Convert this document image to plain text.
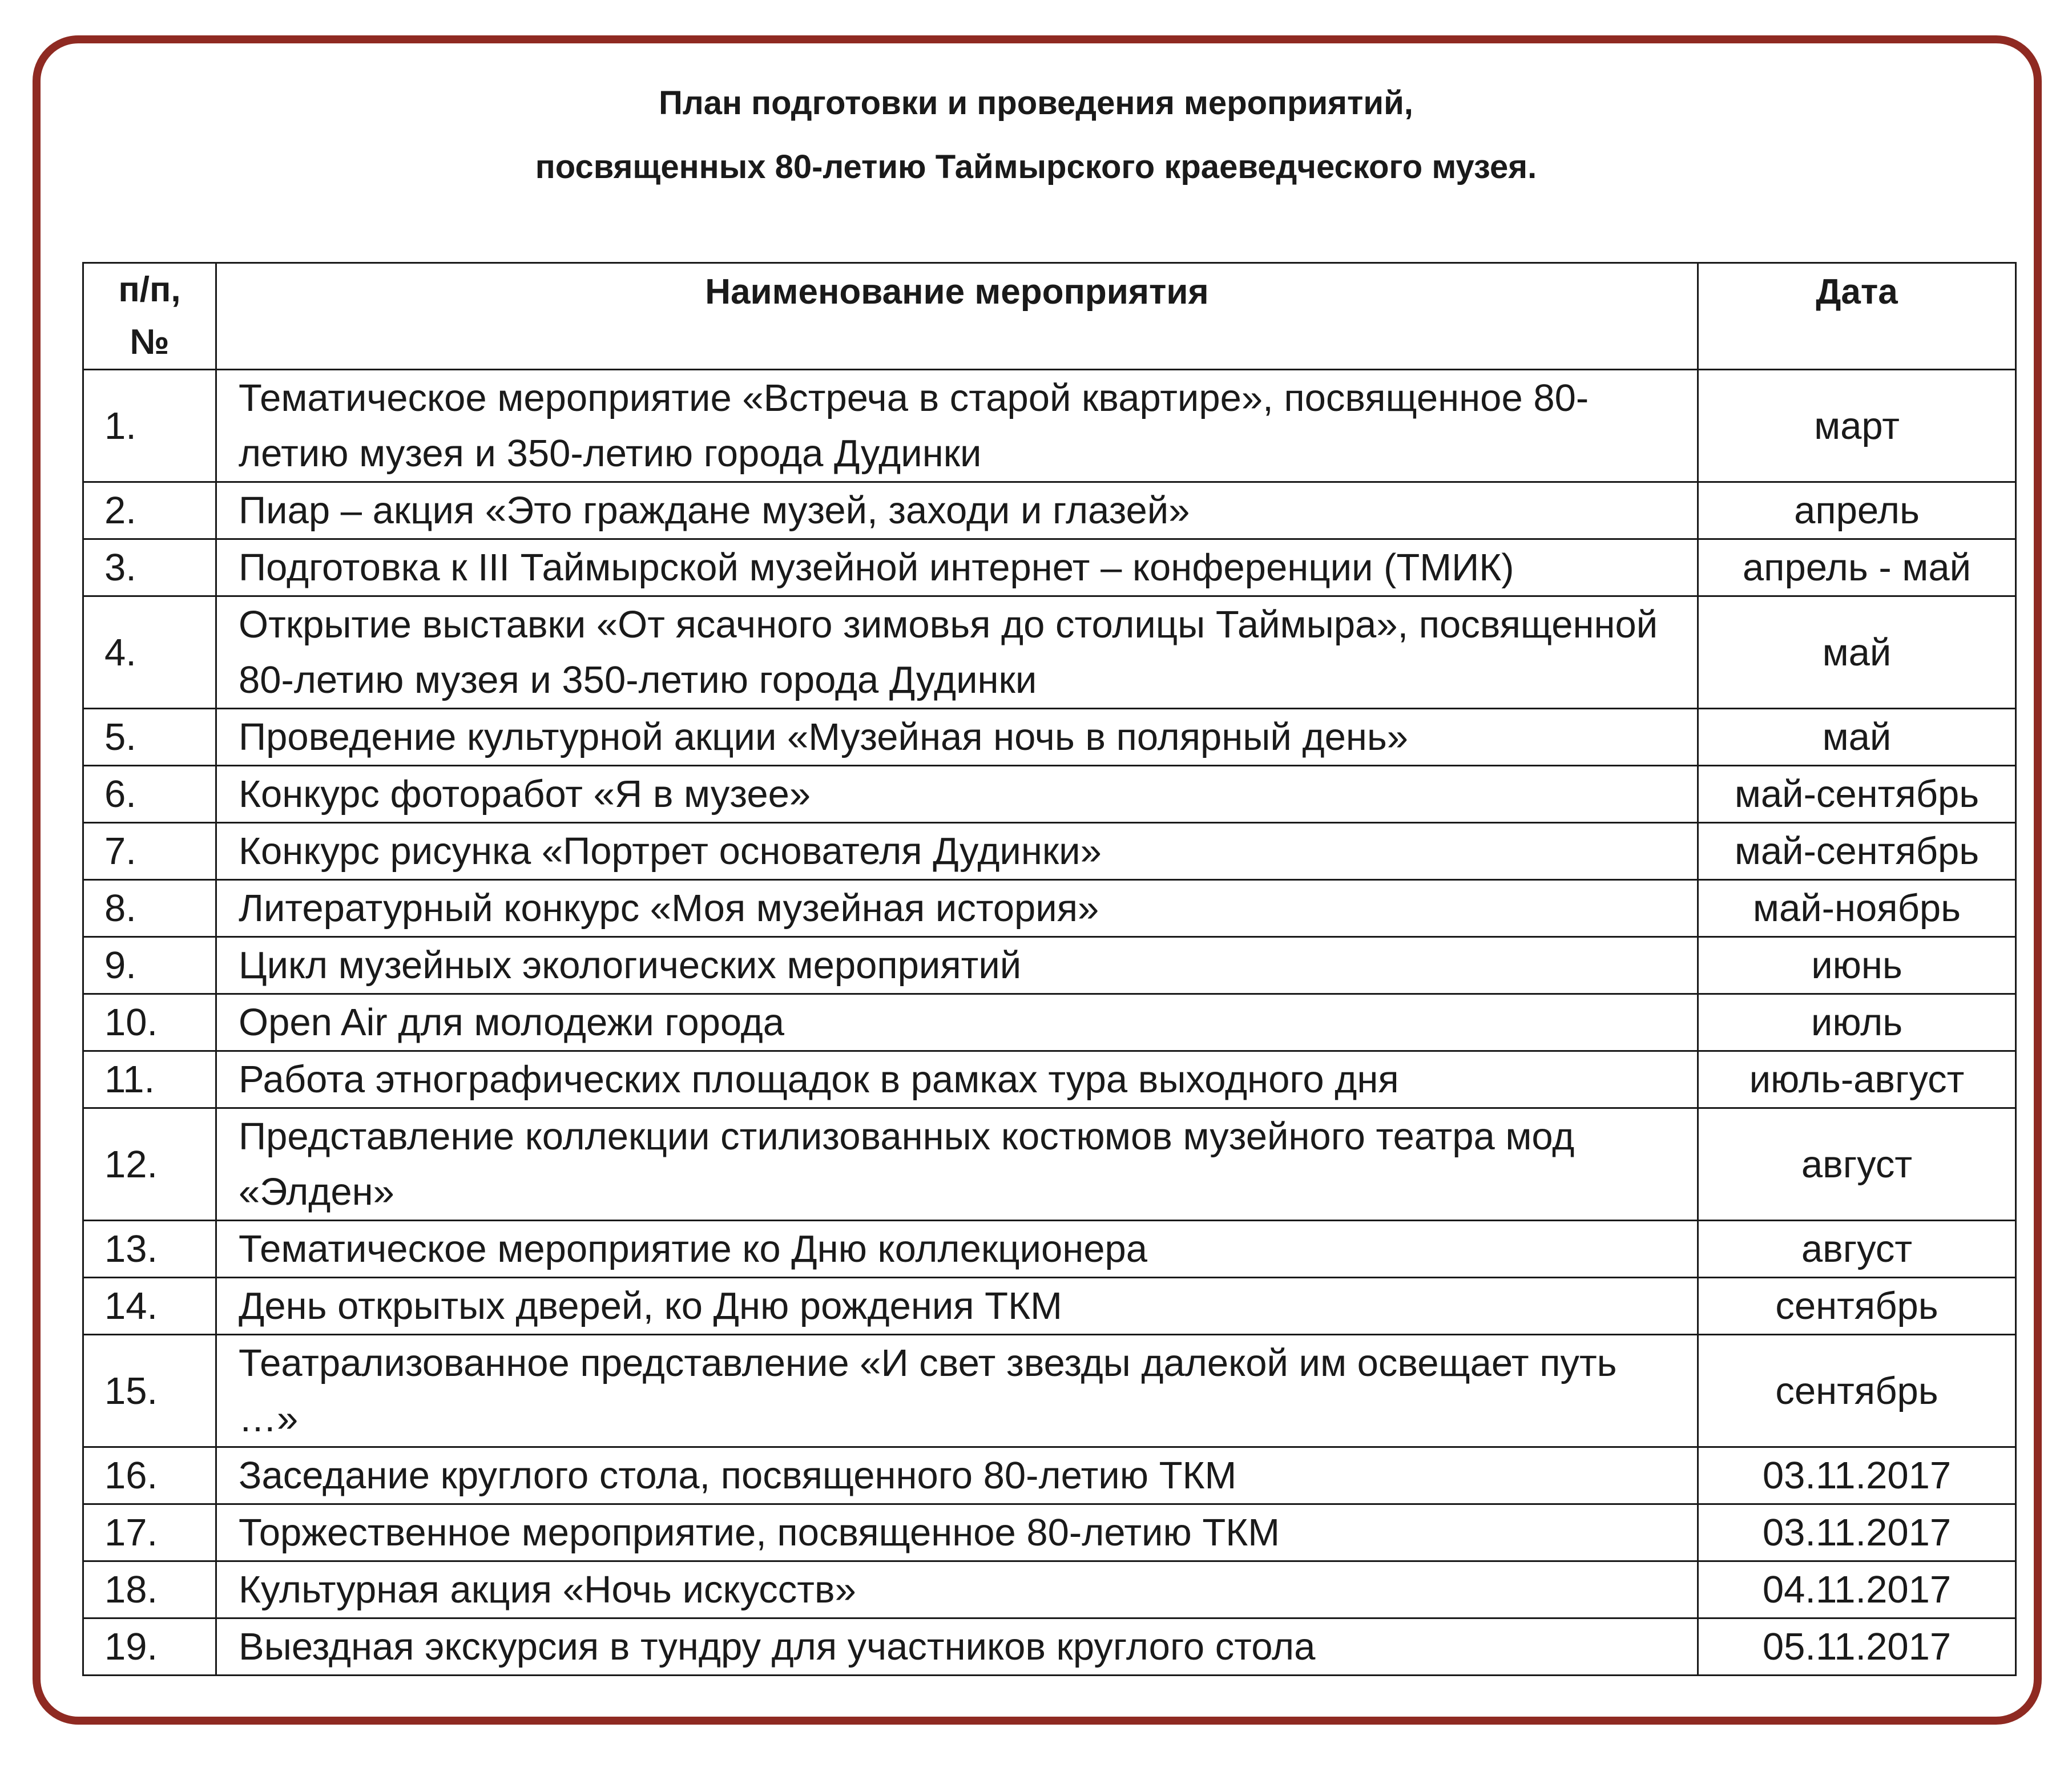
План подготовки и проведения мероприятий,
посвященных 80-летию Таймырского краеведческого музея.
п/п, №	Наименование мероприятия	Дата
1.	Тематическое мероприятие «Встреча в старой квартире», посвященное 80-летию музея и 350-летию города Дудинки	март
2.	Пиар – акция «Это граждане музей, заходи и глазей»	апрель
3.	Подготовка к III Таймырской музейной интернет – конференции (ТМИК)	апрель - май
4.	Открытие выставки «От ясачного зимовья до столицы Таймыра», посвященной 80-летию музея и 350-летию города Дудинки	май
5.	Проведение культурной акции «Музейная ночь в полярный день»	май
6.	Конкурс фоторабот «Я в музее»	май-сентябрь
7.	Конкурс рисунка «Портрет основателя Дудинки»	май-сентябрь
8.	Литературный конкурс «Моя музейная история»	май-ноябрь
9.	Цикл музейных экологических мероприятий	июнь
10.	Open Air для молодежи города	июль
11.	Работа этнографических площадок в рамках тура выходного дня	июль-август
12.	Представление коллекции стилизованных костюмов музейного театра мод «Элден»	август
13.	Тематическое мероприятие ко Дню коллекционера	август
14.	День открытых дверей, ко Дню рождения ТКМ	сентябрь
15.	Театрализованное представление «И свет звезды далекой им освещает путь …»	сентябрь
16.	Заседание круглого стола, посвященного 80-летию ТКМ	03.11.2017
17.	Торжественное мероприятие, посвященное 80-летию ТКМ	03.11.2017
18.	Культурная акция «Ночь искусств»	04.11.2017
19.	Выездная экскурсия в тундру для участников круглого стола	05.11.2017
